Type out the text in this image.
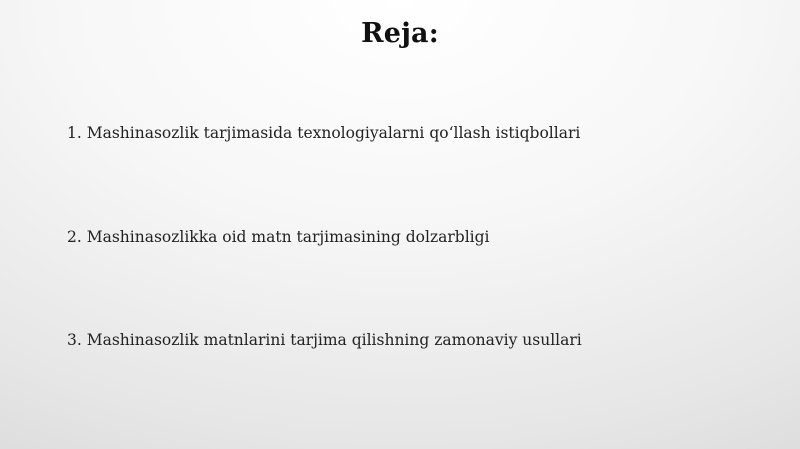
Reja:
1. Mashinasozlik tarjimasida texnologiyalarni qoʻllash istiqbollari
2. Mashinasozlikka oid matn tarjimasining dolzarbligi
3. Mashinasozlik matnlarini tarjima qilishning zamonaviy usullari
